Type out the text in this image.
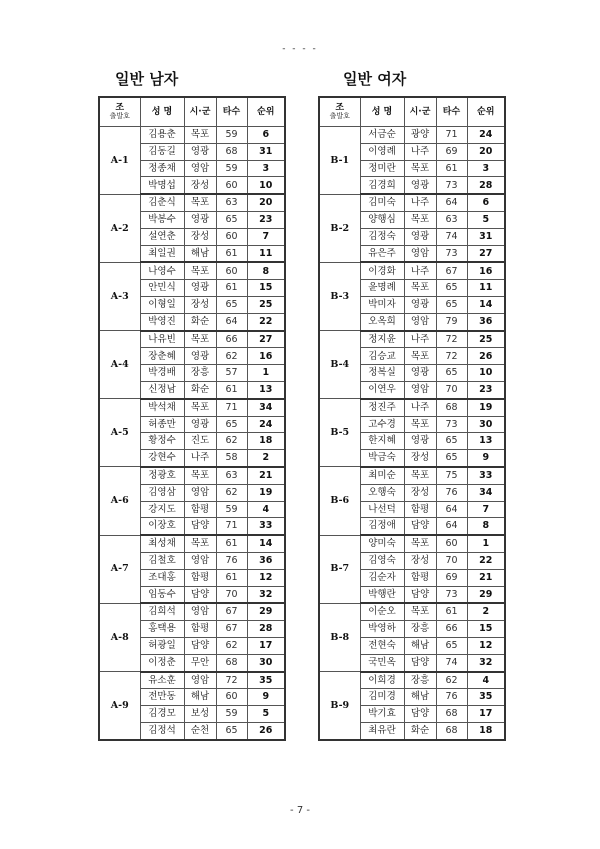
- - - -
일반 남자	일반 여자
조
출발호	성 명	시·군	타수	순위
A-1	김용춘	목포	59	6
	김동길	영광	68	31
	정종채	영암	59	3
	박명섭	장성	60	10
A-2	김춘식	목포	63	20
	박봉수	영광	65	23
	설연춘	장성	60	7
	최일권	해남	61	11
A-3	나영수	목포	60	8
	안민식	영광	61	15
	이형일	장성	65	25
	박영진	화순	64	22
A-4	나유빈	목포	66	27
	장춘혜	영광	62	16
	박경배	장흥	57	1
	신정남	화순	61	13
A-5	박석채	목포	71	34
	허종만	영광	65	24
	황정수	진도	62	18
	강현수	나주	58	2
A-6	정광호	목포	63	21
	김영삼	영암	62	19
	강지도	함평	59	4
	이장호	담양	71	33
A-7	최성채	목포	61	14
	김철호	영암	76	36
	조대홍	함평	61	12
	임동수	담양	70	32
A-8	김희석	영암	67	29
	홍택용	함평	67	28
	허광일	담양	62	17
	이정춘	무안	68	30
A-9	유소훈	영암	72	35
	전만동	해남	60	9
	김경모	보성	59	5
	김정석	순천	65	26
조
출발호	성 명	시·군	타수	순위
B-1	서금순	광양	71	24
	이영례	나주	69	20
	정미란	목포	61	3
	김경희	영광	73	28
B-2	김미숙	나주	64	6
	양행심	목포	63	5
	김정숙	영광	74	31
	유은주	영암	73	27
B-3	이경화	나주	67	16
	윤명례	목포	65	11
	박미자	영광	65	14
	오옥희	영암	79	36
B-4	정지윤	나주	72	25
	김승교	목포	72	26
	정복실	영광	65	10
	이연우	영암	70	23
B-5	정진주	나주	68	19
	고수경	목포	73	30
	한지혜	영광	65	13
	박금숙	장성	65	9
B-6	최미순	목포	75	33
	오행숙	장성	76	34
	나선덕	함평	64	7
	김정애	담양	64	8
B-7	양미숙	목포	60	1
	김영숙	장성	70	22
	김순자	함평	69	21
	박행란	담양	73	29
B-8	이순오	목포	61	2
	박영하	장흥	66	15
	전현숙	해남	65	12
	국민옥	담양	74	32
B-9	이희경	장흥	62	4
	김미경	해남	76	35
	박기효	담양	68	17
	최유란	화순	68	18
- 7 -
